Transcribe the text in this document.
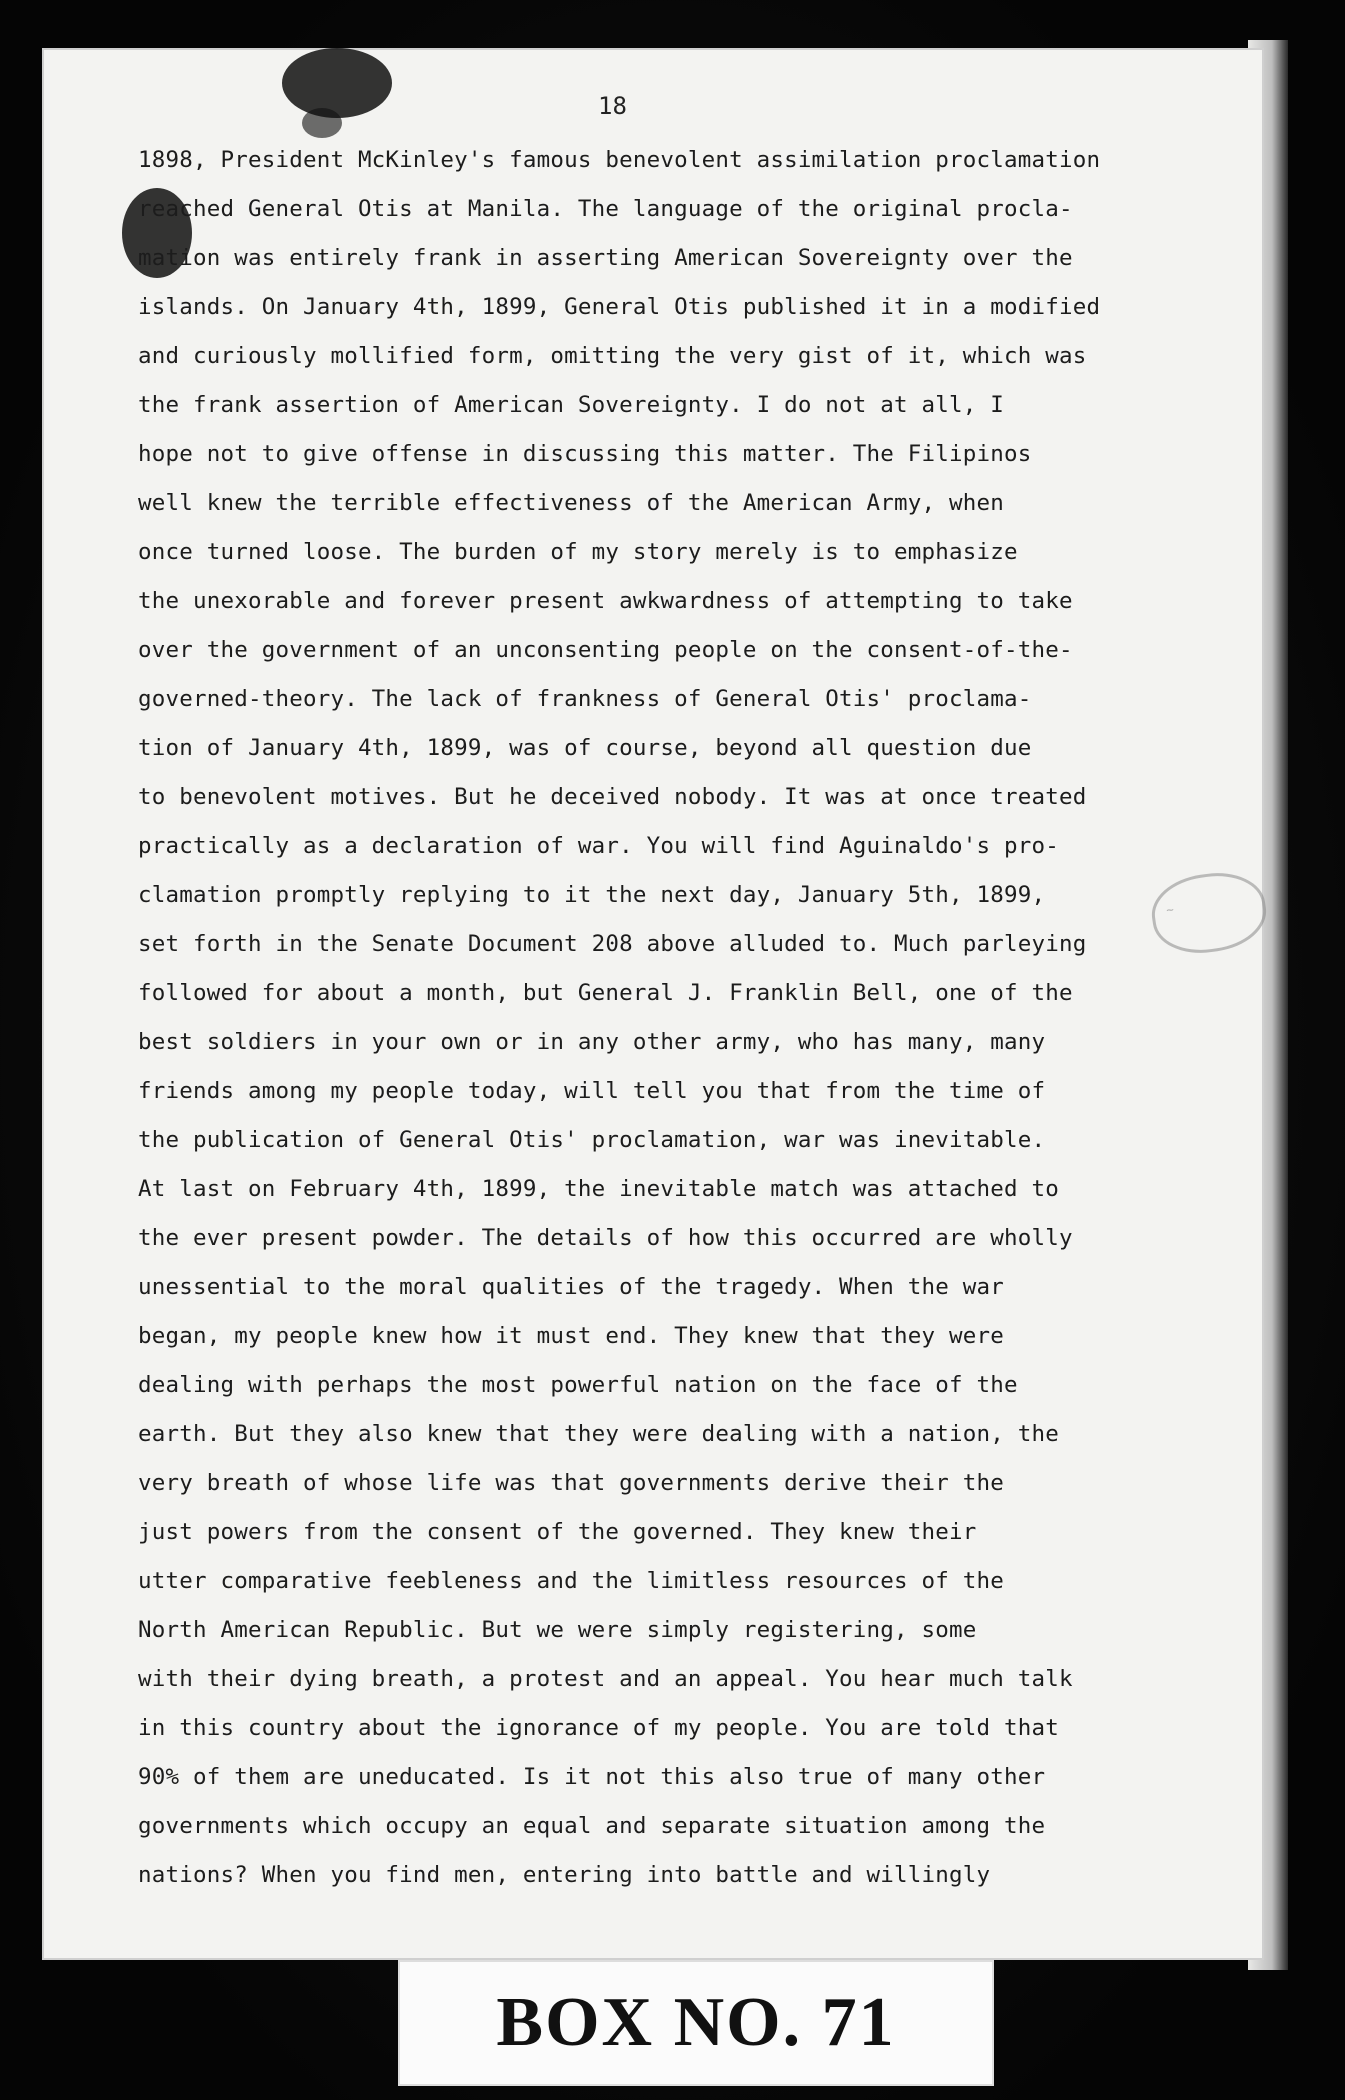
~
18
1898, President McKinley's famous benevolent assimilation proclamation
reached General Otis at Manila. The language of the original procla-
mation was entirely frank in asserting American Sovereignty over the
islands. On January 4th, 1899, General Otis published it in a modified
and curiously mollified form, omitting the very gist of it, which was
the frank assertion of American Sovereignty. I do not at all, I
hope not to give offense in discussing this matter. The Filipinos
well knew the terrible effectiveness of the American Army, when
once turned loose. The burden of my story merely is to emphasize
the unexorable and forever present awkwardness of attempting to take
over the government of an unconsenting people on the consent-of-the-
governed-theory. The lack of frankness of General Otis' proclama-
tion of January 4th, 1899, was of course, beyond all question due
to benevolent motives. But he deceived nobody. It was at once treated
practically as a declaration of war. You will find Aguinaldo's pro-
clamation promptly replying to it the next day, January 5th, 1899,
set forth in the Senate Document 208 above alluded to. Much parleying
followed for about a month, but General J. Franklin Bell, one of the
best soldiers in your own or in any other army, who has many, many
friends among my people today, will tell you that from the time of
the publication of General Otis' proclamation, war was inevitable.
At last on February 4th, 1899, the inevitable match was attached to
the ever present powder. The details of how this occurred are wholly
unessential to the moral qualities of the tragedy. When the war
began, my people knew how it must end. They knew that they were
dealing with perhaps the most powerful nation on the face of the
earth. But they also knew that they were dealing with a nation, the
very breath of whose life was that governments derive their the
just powers from the consent of the governed. They knew their
utter comparative feebleness and the limitless resources of the
North American Republic. But we were simply registering, some
with their dying breath, a protest and an appeal. You hear much talk
in this country about the ignorance of my people. You are told that
90% of them are uneducated. Is it not this also true of many other
governments which occupy an equal and separate situation among the
nations? When you find men, entering into battle and willingly
BOX NO. 71
